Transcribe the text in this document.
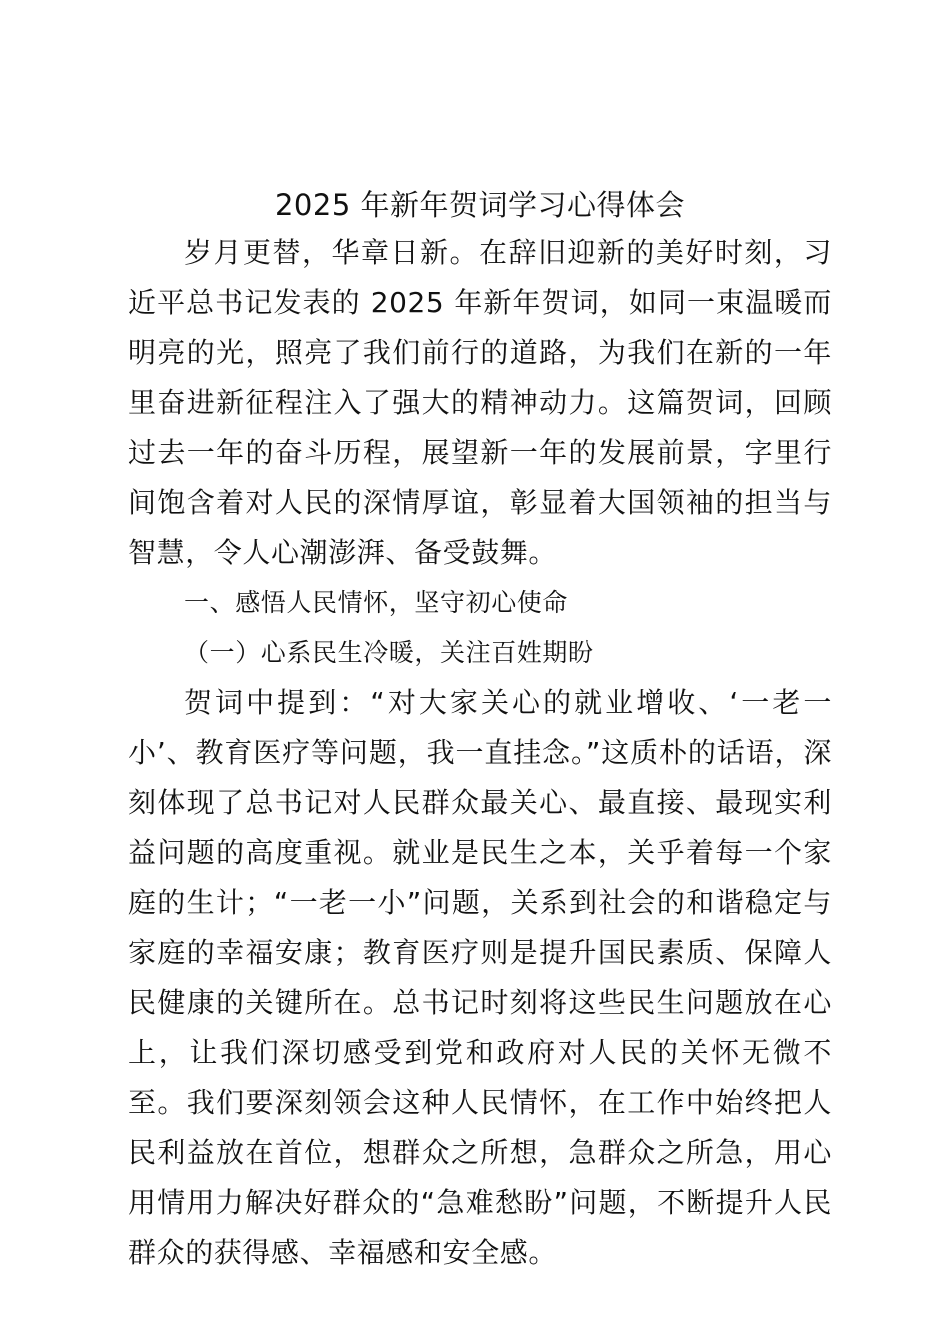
2025 年新年贺词学习心得体会

岁月更替，华章日新。在辞旧迎新的美好时刻，习近平总书记发表的 2025 年新年贺词，如同一束温暖而明亮的光，照亮了我们前行的道路，为我们在新的一年里奋进新征程注入了强大的精神动力。这篇贺词，回顾过去一年的奋斗历程，展望新一年的发展前景，字里行间饱含着对人民的深情厚谊，彰显着大国领袖的担当与智慧，令人心潮澎湃、备受鼓舞。

一、感悟人民情怀，坚守初心使命

（一）心系民生冷暖，关注百姓期盼

贺词中提到：“对大家关心的就业增收、‘一老一小’、教育医疗等问题，我一直挂念。”这质朴的话语，深刻体现了总书记对人民群众最关心、最直接、最现实利益问题的高度重视。就业是民生之本，关乎着每一个家庭的生计；“一老一小”问题，关系到社会的和谐稳定与家庭的幸福安康；教育医疗则是提升国民素质、保障人民健康的关键所在。总书记时刻将这些民生问题放在心上，让我们深切感受到党和政府对人民的关怀无微不至。我们要深刻领会这种人民情怀，在工作中始终把人民利益放在首位，想群众之所想，急群众之所急，用心用情用力解决好群众的“急难愁盼”问题，不断提升人民群众的获得感、幸福感和安全感。
